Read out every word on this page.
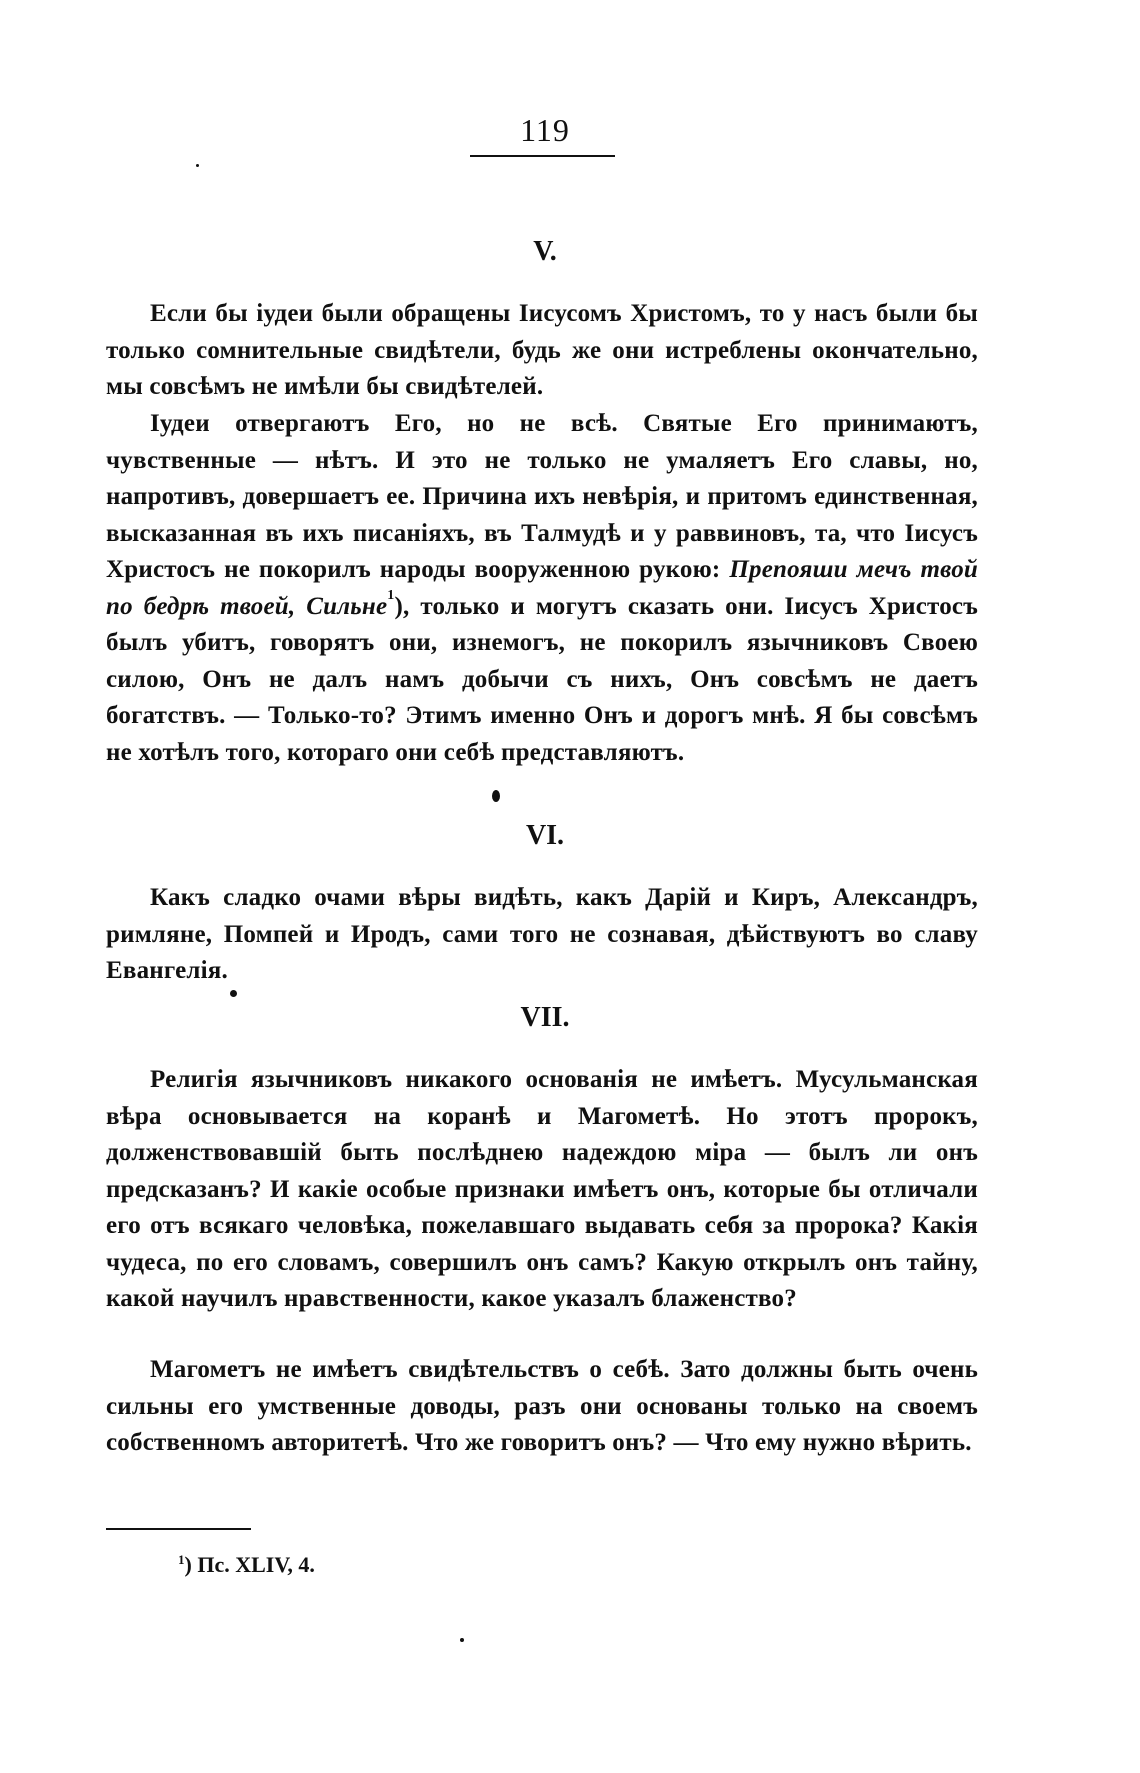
119
V.

Если бы іудеи были обращены Іисусомъ Христомъ, то у насъ были бы только сомнительные свидѣтели, будь же они истреблены окончательно, мы совсѣмъ не имѣли бы свидѣтелей.

Іудеи отвергаютъ Его, но не всѣ. Святые Его принимаютъ, чувственные — нѣтъ. И это не только не умаляетъ Его славы, но, напротивъ, довершаетъ ее. Причина ихъ невѣрія, и притомъ единственная, высказанная въ ихъ писаніяхъ, въ Талмудѣ и у раввиновъ, та, что Іисусъ Христосъ не покорилъ народы вооруженною рукою: Препояши мечъ твой по бедрѣ твоей, Сильне$^1$), только и могутъ сказать они. Іисусъ Христосъ былъ убитъ, говорятъ они, изнемогъ, не покорилъ язычниковъ Своею силою, Онъ не далъ намъ добычи съ нихъ, Онъ совсѣмъ не даетъ богатствъ. — Только-то? Этимъ именно Онъ и дорогъ мнѣ. Я бы совсѣмъ не хотѣлъ того, котораго они себѣ представляютъ.

VI.

Какъ сладко очами вѣры видѣть, какъ Дарій и Киръ, Александръ, римляне, Помпей и Иродъ, сами того не сознавая, дѣйствуютъ во славу Евангелія.

VII.

Религія язычниковъ никакого основанія не имѣетъ. Мусульманская вѣра основывается на коранѣ и Магометѣ. Но этотъ пророкъ, долженствовавшій быть послѣднею надеждою міра — былъ ли онъ предсказанъ? И какіе особые признаки имѣетъ онъ, которые бы отличали его отъ всякаго человѣка, пожелавшаго выдавать себя за пророка? Какія чудеса, по его словамъ, совершилъ онъ самъ? Какую открылъ онъ тайну, какой научилъ нравственности, какое указалъ блаженство?

Магометъ не имѣетъ свидѣтельствъ о себѣ. Зато должны быть очень сильны его умственные доводы, разъ они основаны только на своемъ собственномъ авторитетѣ. Что же говоритъ онъ? — Что ему нужно вѣрить.

$^1$) Пс. XLIV, 4.
